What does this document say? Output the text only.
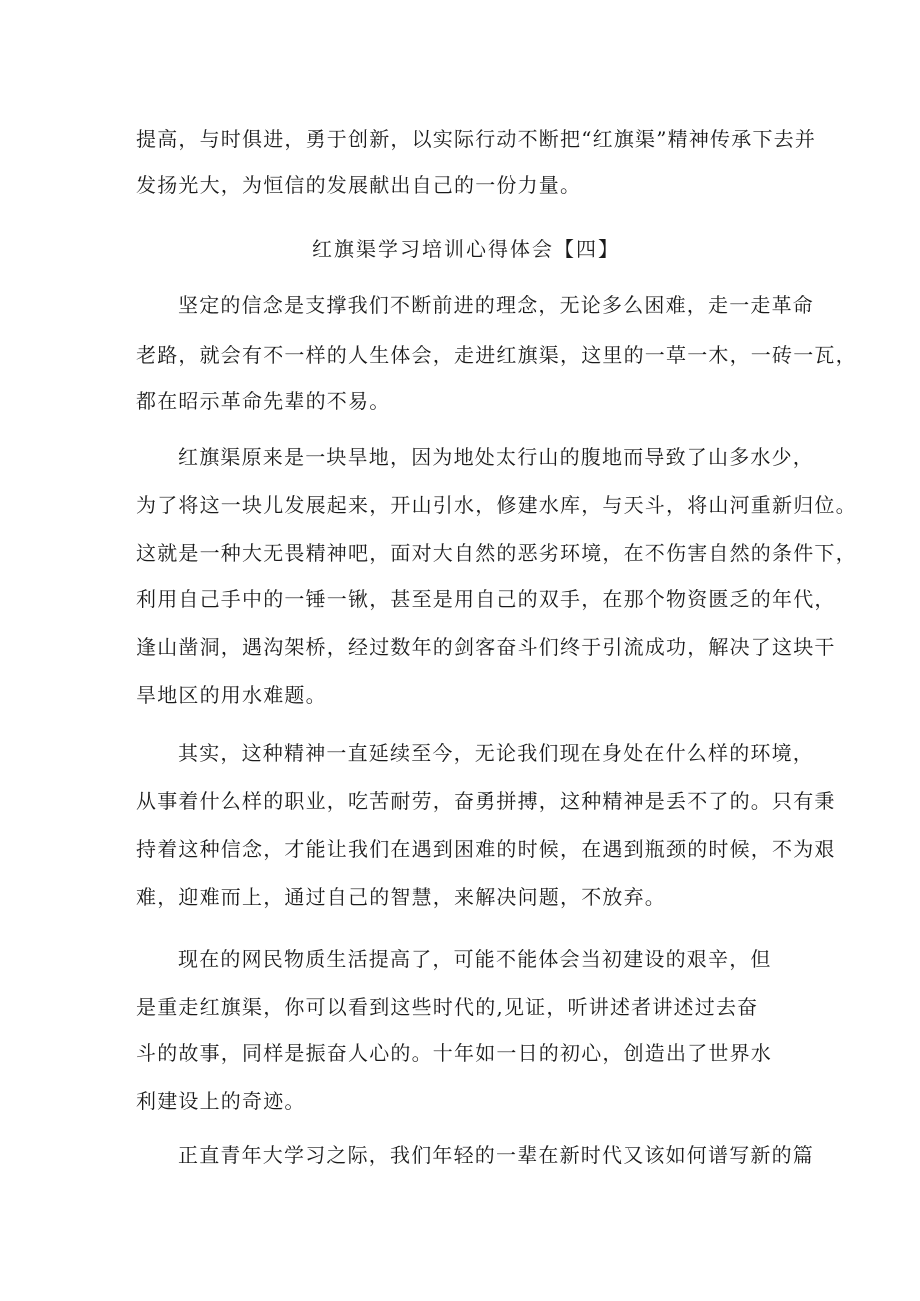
提高，与时俱进，勇于创新，以实际行动不断把“红旗渠”精神传承下去并
发扬光大，为恒信的发展献出自己的一份力量。
红旗渠学习培训心得体会【四】
坚定的信念是支撑我们不断前进的理念，无论多么困难，走一走革命
老路，就会有不一样的人生体会，走进红旗渠，这里的一草一木，一砖一瓦，
都在昭示革命先辈的不易。
红旗渠原来是一块旱地，因为地处太行山的腹地而导致了山多水少，
为了将这一块儿发展起来，开山引水，修建水库，与天斗，将山河重新归位。
这就是一种大无畏精神吧，面对大自然的恶劣环境，在不伤害自然的条件下，
利用自己手中的一锤一锹，甚至是用自己的双手，在那个物资匮乏的年代，
逢山凿洞，遇沟架桥，经过数年的剑客奋斗们终于引流成功，解决了这块干
旱地区的用水难题。
其实，这种精神一直延续至今，无论我们现在身处在什么样的环境，
从事着什么样的职业，吃苦耐劳，奋勇拼搏，这种精神是丢不了的。只有秉
持着这种信念，才能让我们在遇到困难的时候，在遇到瓶颈的时候，不为艰
难，迎难而上，通过自己的智慧，来解决问题，不放弃。
现在的网民物质生活提高了，可能不能体会当初建设的艰辛，但
是重走红旗渠，你可以看到这些时代的,见证，听讲述者讲述过去奋
斗的故事，同样是振奋人心的。十年如一日的初心，创造出了世界水
利建设上的奇迹。
正直青年大学习之际，我们年轻的一辈在新时代又该如何谱写新的篇
